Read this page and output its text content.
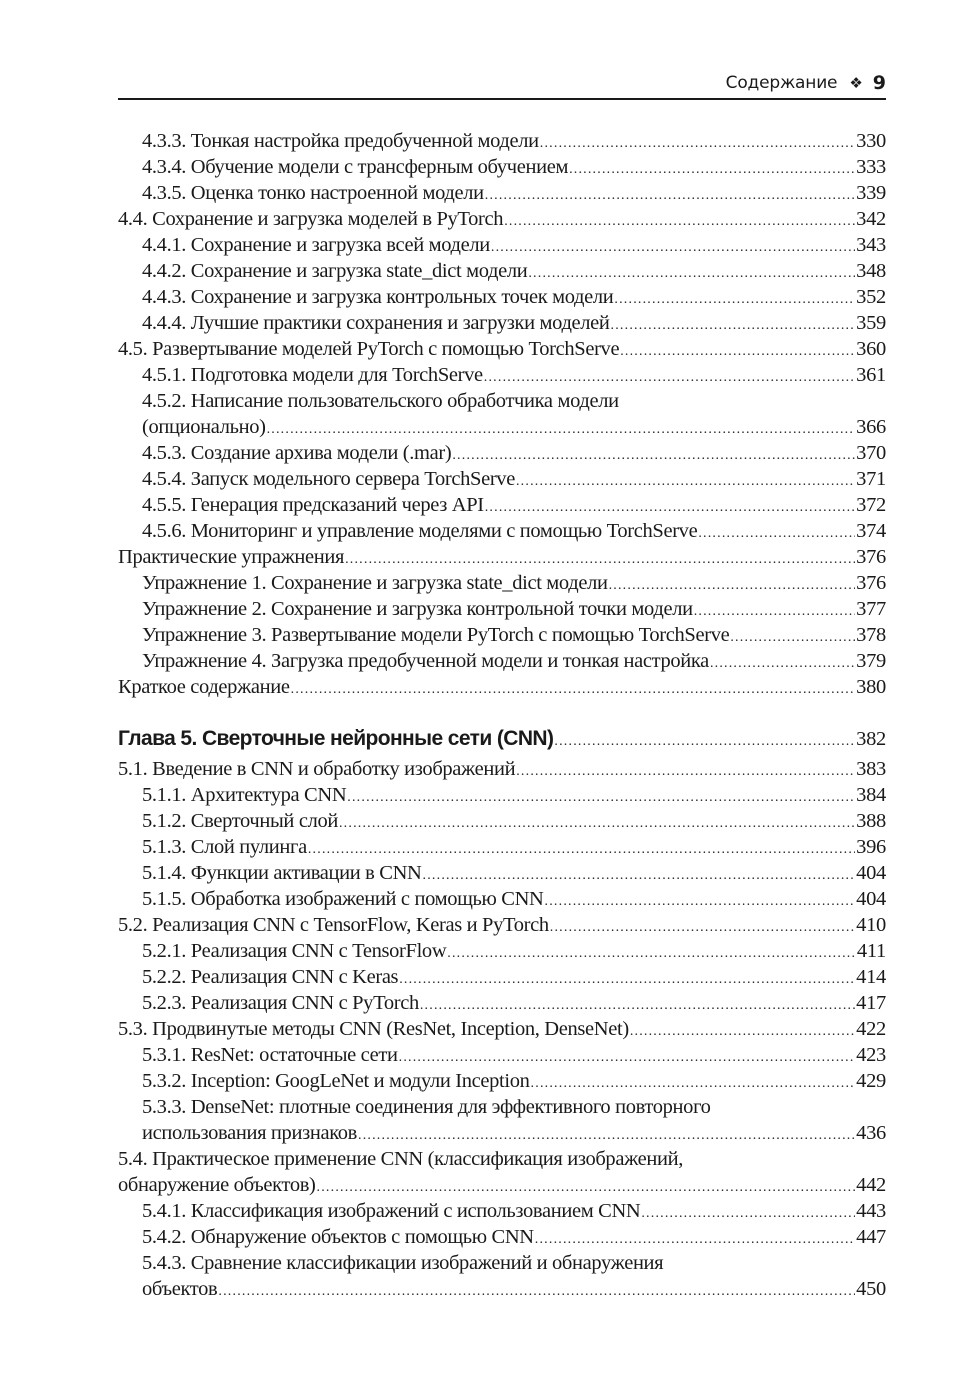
Содержание ❖ 9
4.3.3. Тонкая настройка предобученной модели .....	330
4.3.4. Обучение модели с трансферным обучением .....	333
4.3.5. Оценка тонко настроенной модели .....	339
4.4. Сохранение и загрузка моделей в PyTorch .....	342
4.4.1. Сохранение и загрузка всей модели .....	343
4.4.2. Сохранение и загрузка state_dict модели .....	348
4.4.3. Сохранение и загрузка контрольных точек модели .....	352
4.4.4. Лучшие практики сохранения и загрузки моделей .....	359
4.5. Развертывание моделей PyTorch с помощью TorchServe .....	360
4.5.1. Подготовка модели для TorchServe .....	361
4.5.2. Написание пользовательского обработчика модели
(опционально) .....	366
4.5.3. Создание архива модели (.mar) .....	370
4.5.4. Запуск модельного сервера TorchServe .....	371
4.5.5. Генерация предсказаний через API .....	372
4.5.6. Мониторинг и управление моделями с помощью TorchServe .....	374
Практические упражнения .....	376
Упражнение 1. Сохранение и загрузка state_dict модели .....	376
Упражнение 2. Сохранение и загрузка контрольной точки модели .....	377
Упражнение 3. Развертывание модели PyTorch с помощью TorchServe .....	378
Упражнение 4. Загрузка предобученной модели и тонкая настройка .....	379
Краткое содержание .....	380
Глава 5. Сверточные нейронные сети (CNN) .....	382
5.1. Введение в CNN и обработку изображений .....	383
5.1.1. Архитектура CNN .....	384
5.1.2. Сверточный слой .....	388
5.1.3. Слой пулинга .....	396
5.1.4. Функции активации в CNN .....	404
5.1.5. Обработка изображений с помощью CNN .....	404
5.2. Реализация CNN с TensorFlow, Keras и PyTorch .....	410
5.2.1. Реализация CNN с TensorFlow .....	411
5.2.2. Реализация CNN с Keras .....	414
5.2.3. Реализация CNN с PyTorch .....	417
5.3. Продвинутые методы CNN (ResNet, Inception, DenseNet) .....	422
5.3.1. ResNet: остаточные сети .....	423
5.3.2. Inception: GoogLeNet и модули Inception .....	429
5.3.3. DenseNet: плотные соединения для эффективного повторного
использования признаков .....	436
5.4. Практическое применение CNN (классификация изображений,
обнаружение объектов) .....	442
5.4.1. Классификация изображений с использованием CNN .....	443
5.4.2. Обнаружение объектов с помощью CNN .....	447
5.4.3. Сравнение классификации изображений и обнаружения
объектов .....	450
